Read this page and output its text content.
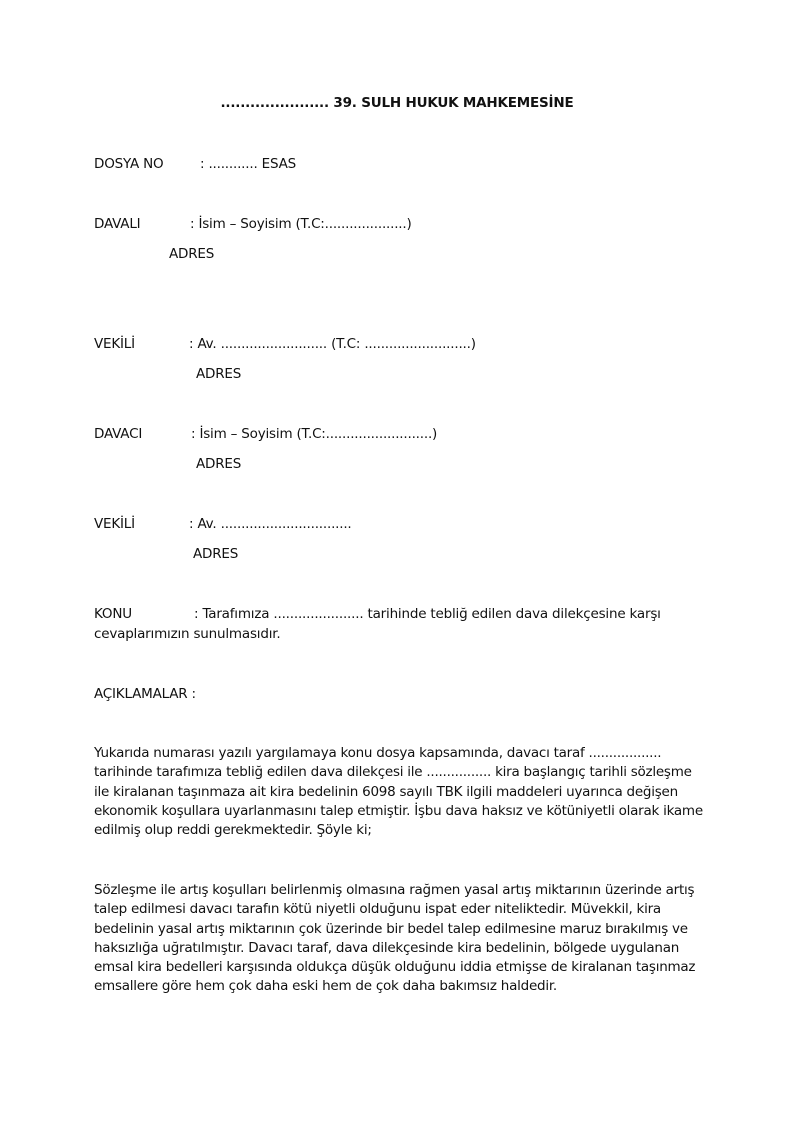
...................... 39. SULH HUKUK MAHKEMESİNE
DOSYA NO	: ............ ESAS
DAVALI	: İsim – Soyisim (T.C:....................)
ADRES
VEKİLİ	: Av. .......................... (T.C: ..........................)
ADRES
DAVACI	: İsim – Soyisim (T.C:..........................)
ADRES
VEKİLİ	: Av. ................................
ADRES
KONU	: Tarafımıza ...................... tarihinde tebliğ edilen dava dilekçesine karşı
cevaplarımızın sunulmasıdır.
AÇIKLAMALAR :

Yukarıda numarası yazılı yargılamaya konu dosya kapsamında, davacı taraf .................. tarihinde tarafımıza tebliğ edilen dava dilekçesi ile ................ kira başlangıç tarihli sözleşme ile kiralanan taşınmaza ait kira bedelinin 6098 sayılı TBK ilgili maddeleri uyarınca değişen ekonomik koşullara uyarlanmasını talep etmiştir. İşbu dava haksız ve kötüniyetli olarak ikame edilmiş olup reddi gerekmektedir. Şöyle ki;

Sözleşme ile artış koşulları belirlenmiş olmasına rağmen yasal artış miktarının üzerinde artış talep edilmesi davacı tarafın kötü niyetli olduğunu ispat eder niteliktedir. Müvekkil, kira bedelinin yasal artış miktarının çok üzerinde bir bedel talep edilmesine maruz bırakılmış ve haksızlığa uğratılmıştır. Davacı taraf, dava dilekçesinde kira bedelinin, bölgede uygulanan emsal kira bedelleri karşısında oldukça düşük olduğunu iddia etmişse de kiralanan taşınmaz emsallere göre hem çok daha eski hem de çok daha bakımsız haldedir.
